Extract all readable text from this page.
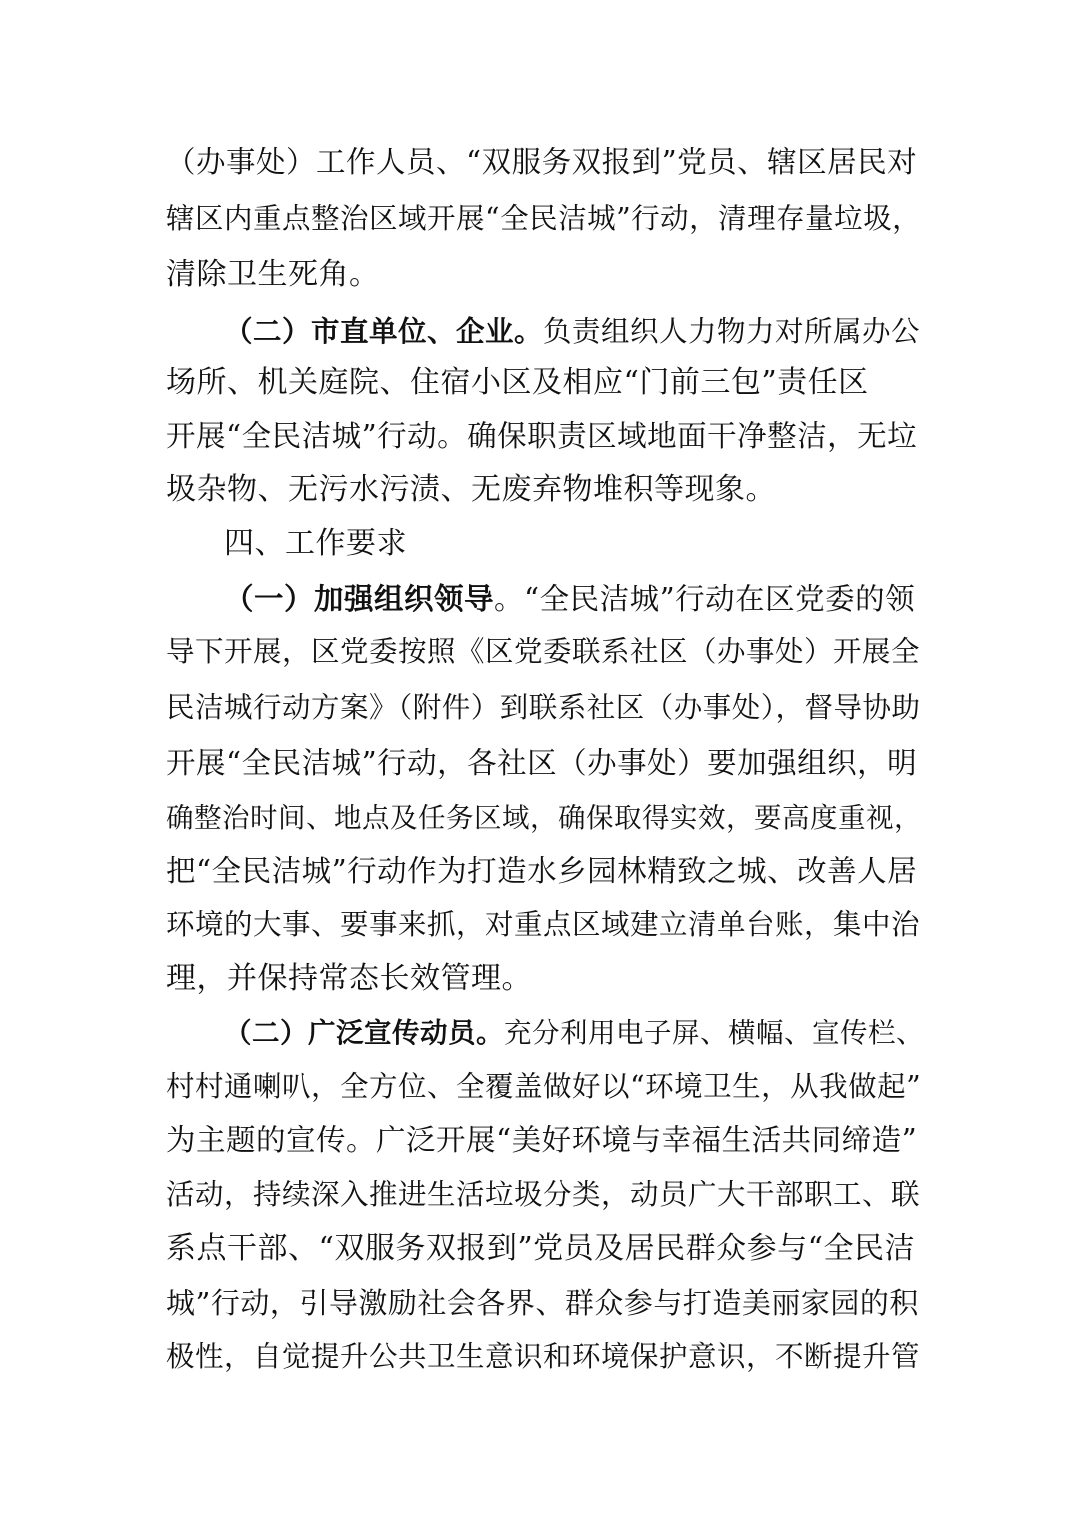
（办事处）工作人员、“双服务双报到”党员、辖区居民对
辖区内重点整治区域开展“全民洁城”行动，清理存量垃圾，
清除卫生死角。
（二）市直单位、企业。负责组织人力物力对所属办公
场所、机关庭院、住宿小区及相应“门前三包”责任区
开展“全民洁城”行动。确保职责区域地面干净整洁，无垃
圾杂物、无污水污渍、无废弃物堆积等现象。
四、工作要求
（一）加强组织领导。“全民洁城”行动在区党委的领
导下开展，区党委按照《区党委联系社区（办事处）开展全
民洁城行动方案》（附件）到联系社区（办事处），督导协助
开展“全民洁城”行动，各社区（办事处）要加强组织，明
确整治时间、地点及任务区域，确保取得实效，要高度重视，
把“全民洁城”行动作为打造水乡园林精致之城、改善人居
环境的大事、要事来抓，对重点区域建立清单台账，集中治
理，并保持常态长效管理。
（二）广泛宣传动员。充分利用电子屏、横幅、宣传栏、
村村通喇叭，全方位、全覆盖做好以“环境卫生，从我做起”
为主题的宣传。广泛开展“美好环境与幸福生活共同缔造”
活动，持续深入推进生活垃圾分类，动员广大干部职工、联
系点干部、“双服务双报到”党员及居民群众参与“全民洁
城”行动，引导激励社会各界、群众参与打造美丽家园的积
极性，自觉提升公共卫生意识和环境保护意识，不断提升管
